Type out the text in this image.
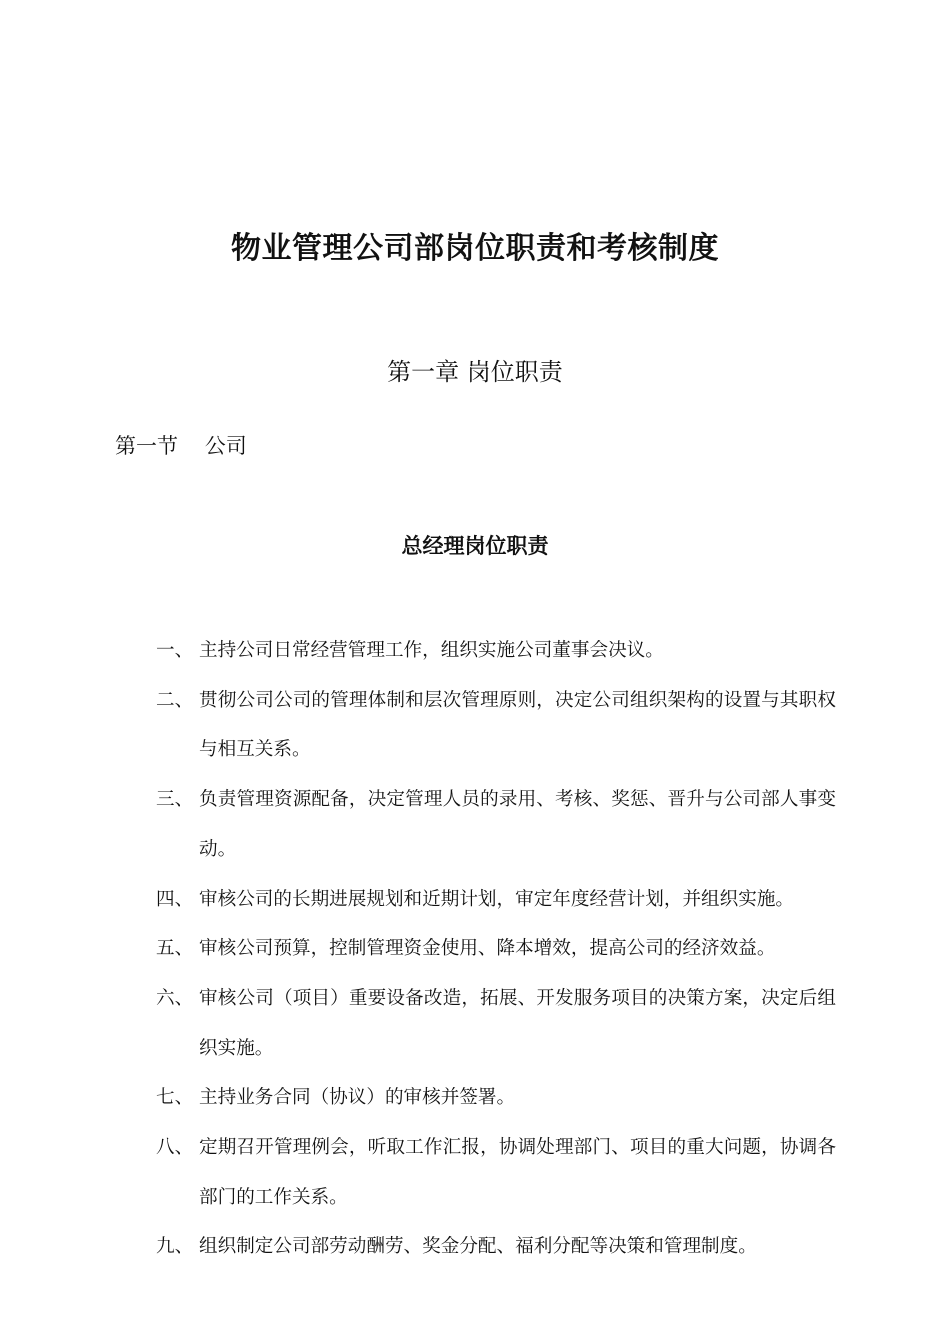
物业管理公司部岗位职责和考核制度
第一章 岗位职责
第一节    公司
总经理岗位职责
一、 主持公司日常经营管理工作，组织实施公司董事会决议。
二、 贯彻公司公司的管理体制和层次管理原则，决定公司组织架构的设置与其职权与相互关系。
三、 负责管理资源配备，决定管理人员的录用、考核、奖惩、晋升与公司部人事变动。
四、 审核公司的长期进展规划和近期计划，审定年度经营计划，并组织实施。
五、 审核公司预算，控制管理资金使用、降本增效，提高公司的经济效益。
六、 审核公司（项目）重要设备改造，拓展、开发服务项目的决策方案，决定后组织实施。
七、 主持业务合同（协议）的审核并签署。
八、 定期召开管理例会，听取工作汇报，协调处理部门、项目的重大问题，协调各部门的工作关系。
九、 组织制定公司部劳动酬劳、奖金分配、福利分配等决策和管理制度。
